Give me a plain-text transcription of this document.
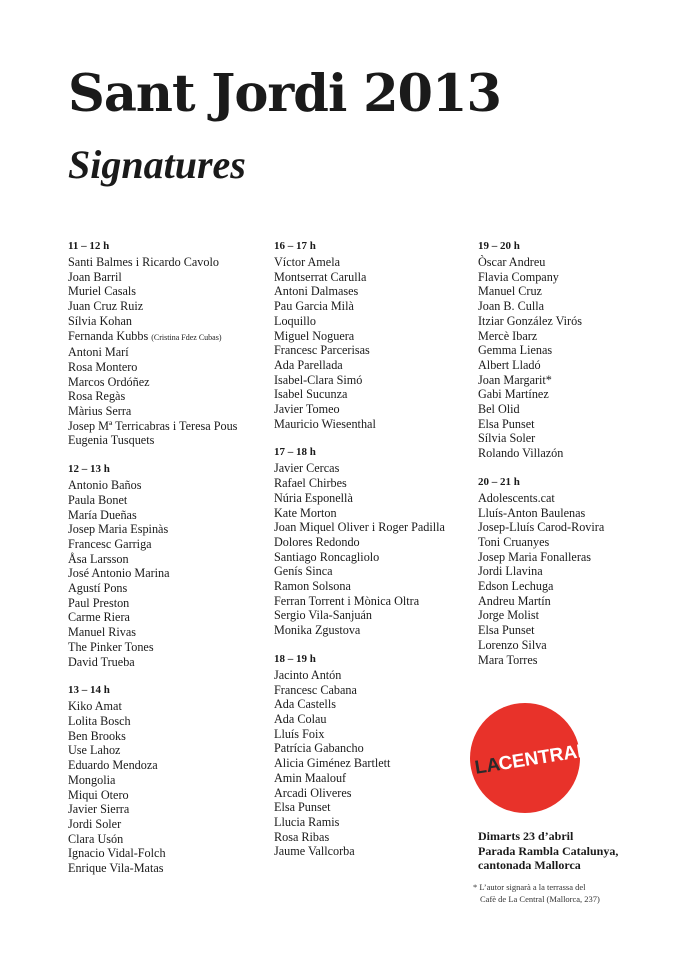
Sant Jordi 2013
Signatures
11 – 12 h
Santi Balmes i Ricardo Cavolo
Joan Barril
Muriel Casals
Juan Cruz Ruiz
Sílvia Kohan
Fernanda Kubbs (Cristina Fdez Cubas)
Antoni Marí
Rosa Montero
Marcos Ordóñez
Rosa Regàs
Màrius Serra
Josep Mª Terricabras i Teresa Pous
Eugenia Tusquets
12 – 13 h
Antonio Baños
Paula Bonet
María Dueñas
Josep Maria Espinàs
Francesc Garriga
Åsa Larsson
José Antonio Marina
Agustí Pons
Paul Preston
Carme Riera
Manuel Rivas
The Pinker Tones
David Trueba
13 – 14 h
Kiko Amat
Lolita Bosch
Ben Brooks
Use Lahoz
Eduardo Mendoza
Mongolia
Miqui Otero
Javier Sierra
Jordi Soler
Clara Usón
Ignacio Vidal-Folch
Enrique Vila-Matas
16 – 17 h
Víctor Amela
Montserrat Carulla
Antoni Dalmases
Pau Garcia Milà
Loquillo
Miguel Noguera
Francesc Parcerisas
Ada Parellada
Isabel-Clara Simó
Isabel Sucunza
Javier Tomeo
Mauricio Wiesenthal
17 – 18 h
Javier Cercas
Rafael Chirbes
Núria Esponellà
Kate Morton
Joan Miquel Oliver i Roger Padilla
Dolores Redondo
Santiago Roncagliolo
Genís Sinca
Ramon Solsona
Ferran Torrent i Mònica Oltra
Sergio Vila-Sanjuán
Monika Zgustova
18 – 19 h
Jacinto Antón
Francesc Cabana
Ada Castells
Ada Colau
Lluís Foix
Patrícia Gabancho
Alicia Giménez Bartlett
Amin Maalouf
Arcadi Oliveres
Elsa Punset
Llucia Ramis
Rosa Ribas
Jaume Vallcorba
19 – 20 h
Òscar Andreu
Flavia Company
Manuel Cruz
Joan B. Culla
Itziar González Virós
Mercè Ibarz
Gemma Lienas
Albert Lladó
Joan Margarit*
Gabi Martínez
Bel Olid
Elsa Punset
Sílvia Soler
Rolando Villazón
20 – 21 h
Adolescents.cat
Lluís-Anton Baulenas
Josep-Lluís Carod-Rovira
Toni Cruanyes
Josep Maria Fonalleras
Jordi Llavina
Edson Lechuga
Andreu Martín
Jorge Molist
Elsa Punset
Lorenzo Silva
Mara Torres
LA
CENTRAL
Dimarts 23 d’abril
Parada Rambla Catalunya,
cantonada Mallorca
* L’autor signarà a la terrassa del
Cafè de La Central (Mallorca, 237)
